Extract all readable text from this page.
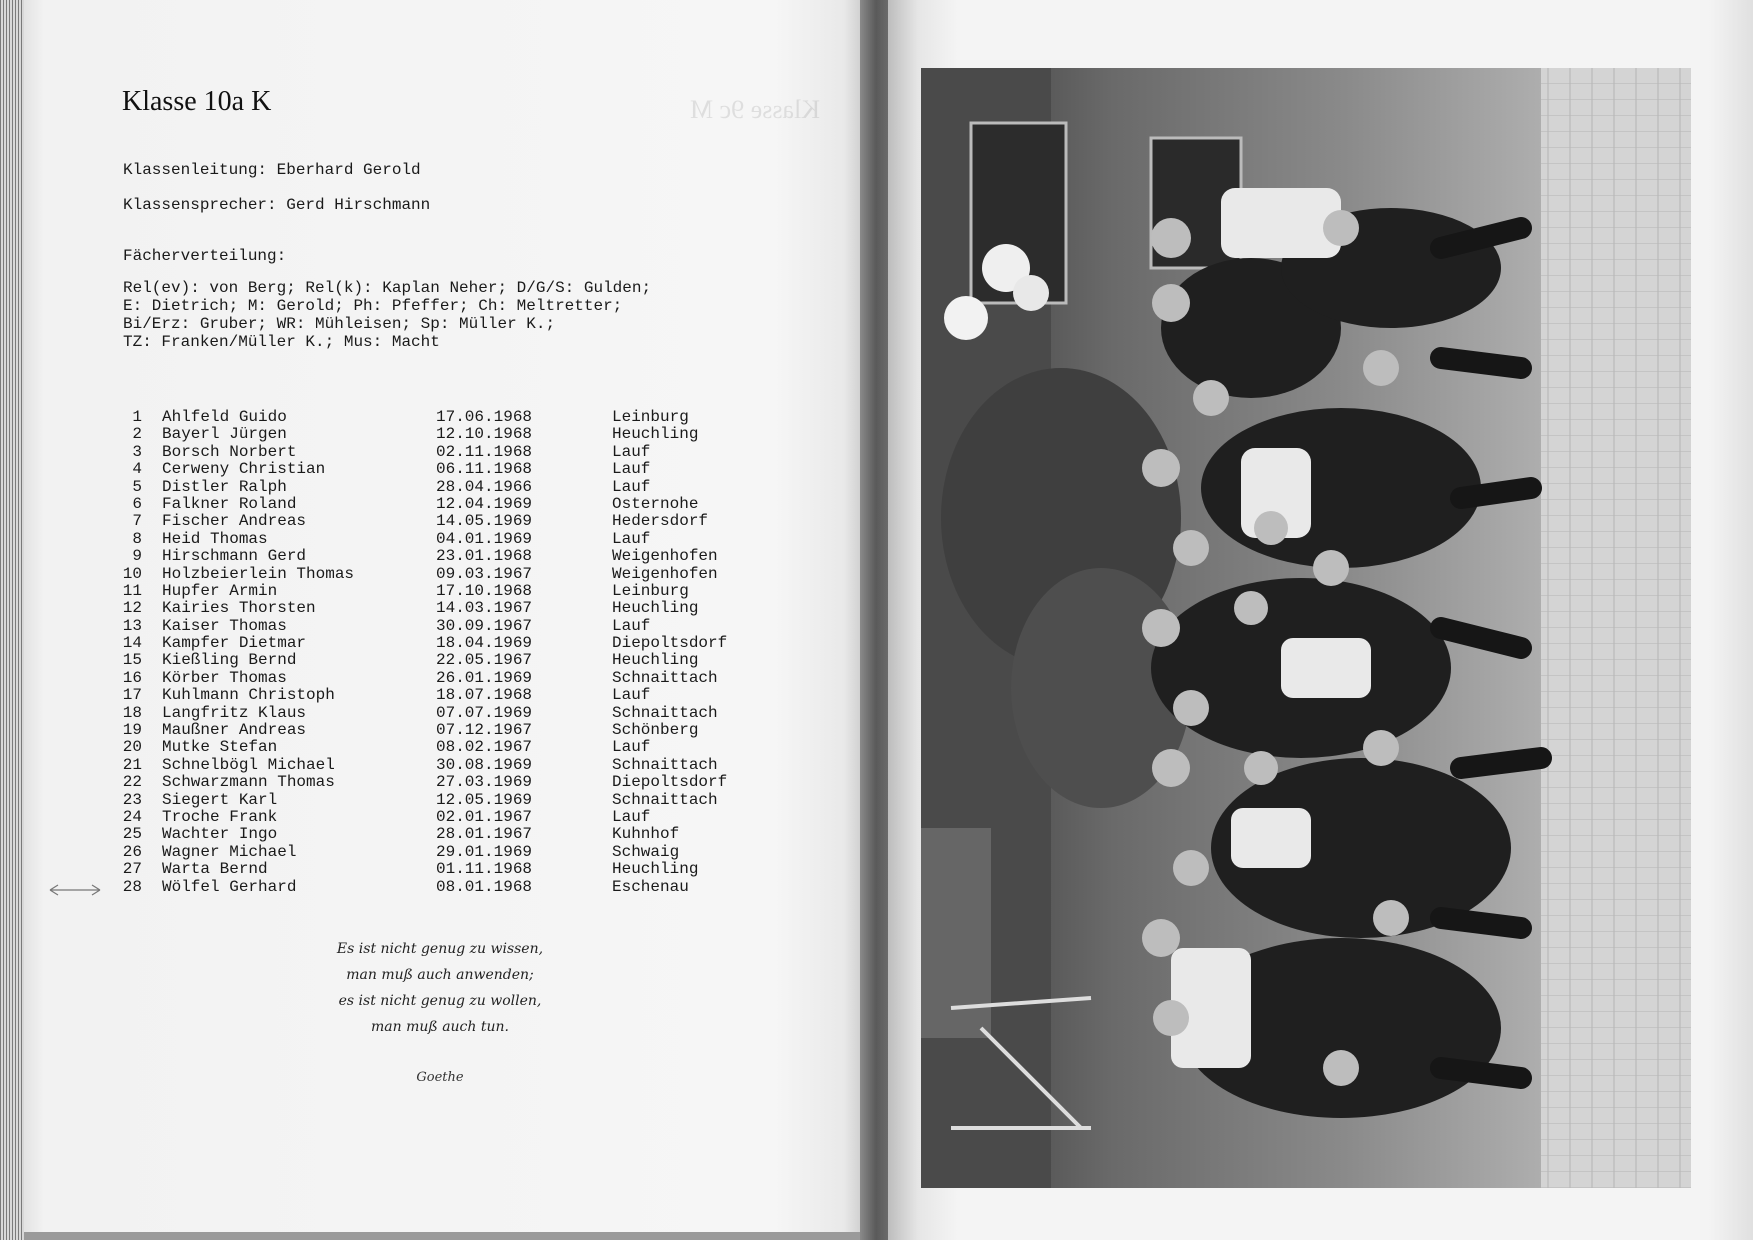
Klasse 10a K
Klassenleitung: Eberhard Gerold
Klassensprecher: Gerd Hirschmann
Fächerverteilung:
Rel(ev): von Berg; Rel(k): Kaplan Neher; D/G/S: Gulden;
E: Dietrich; M: Gerold; Ph: Pfeffer; Ch: Meltretter;
Bi/Erz: Gruber; WR: Mühleisen; Sp: Müller K.;
TZ: Franken/Müller K.; Mus: Macht
1 Ahlfeld Guido	17.06.1968	Leinburg
2 Bayerl Jürgen	12.10.1968	Heuchling
3 Borsch Norbert	02.11.1968	Lauf
4 Cerweny Christian	06.11.1968	Lauf
5 Distler Ralph	28.04.1966	Lauf
6 Falkner Roland	12.04.1969	Osternohe
7 Fischer Andreas	14.05.1969	Hedersdorf
8 Heid Thomas	04.01.1969	Lauf
9 Hirschmann Gerd	23.01.1968	Weigenhofen
10 Holzbeierlein Thomas	09.03.1967	Weigenhofen
11 Hupfer Armin	17.10.1968	Leinburg
12 Kairies Thorsten	14.03.1967	Heuchling
13 Kaiser Thomas	30.09.1967	Lauf
14 Kampfer Dietmar	18.04.1969	Diepoltsdorf
15 Kießling Bernd	22.05.1967	Heuchling
16 Körber Thomas	26.01.1969	Schnaittach
17 Kuhlmann Christoph	18.07.1968	Lauf
18 Langfritz Klaus	07.07.1969	Schnaittach
19 Maußner Andreas	07.12.1967	Schönberg
20 Mutke Stefan	08.02.1967	Lauf
21 Schnelbögl Michael	30.08.1969	Schnaittach
22 Schwarzmann Thomas	27.03.1969	Diepoltsdorf
23 Siegert Karl	12.05.1969	Schnaittach
24 Troche Frank	02.01.1967	Lauf
25 Wachter Ingo	28.01.1967	Kuhnhof
26 Wagner Michael	29.01.1969	Schwaig
27 Warta Bernd	01.11.1968	Heuchling
28 Wölfel Gerhard	08.01.1968	Eschenau
Es ist nicht genug zu wissen,
man muß auch anwenden;
es ist nicht genug zu wollen,
man muß auch tun.
Goethe
Klasse 9c M
